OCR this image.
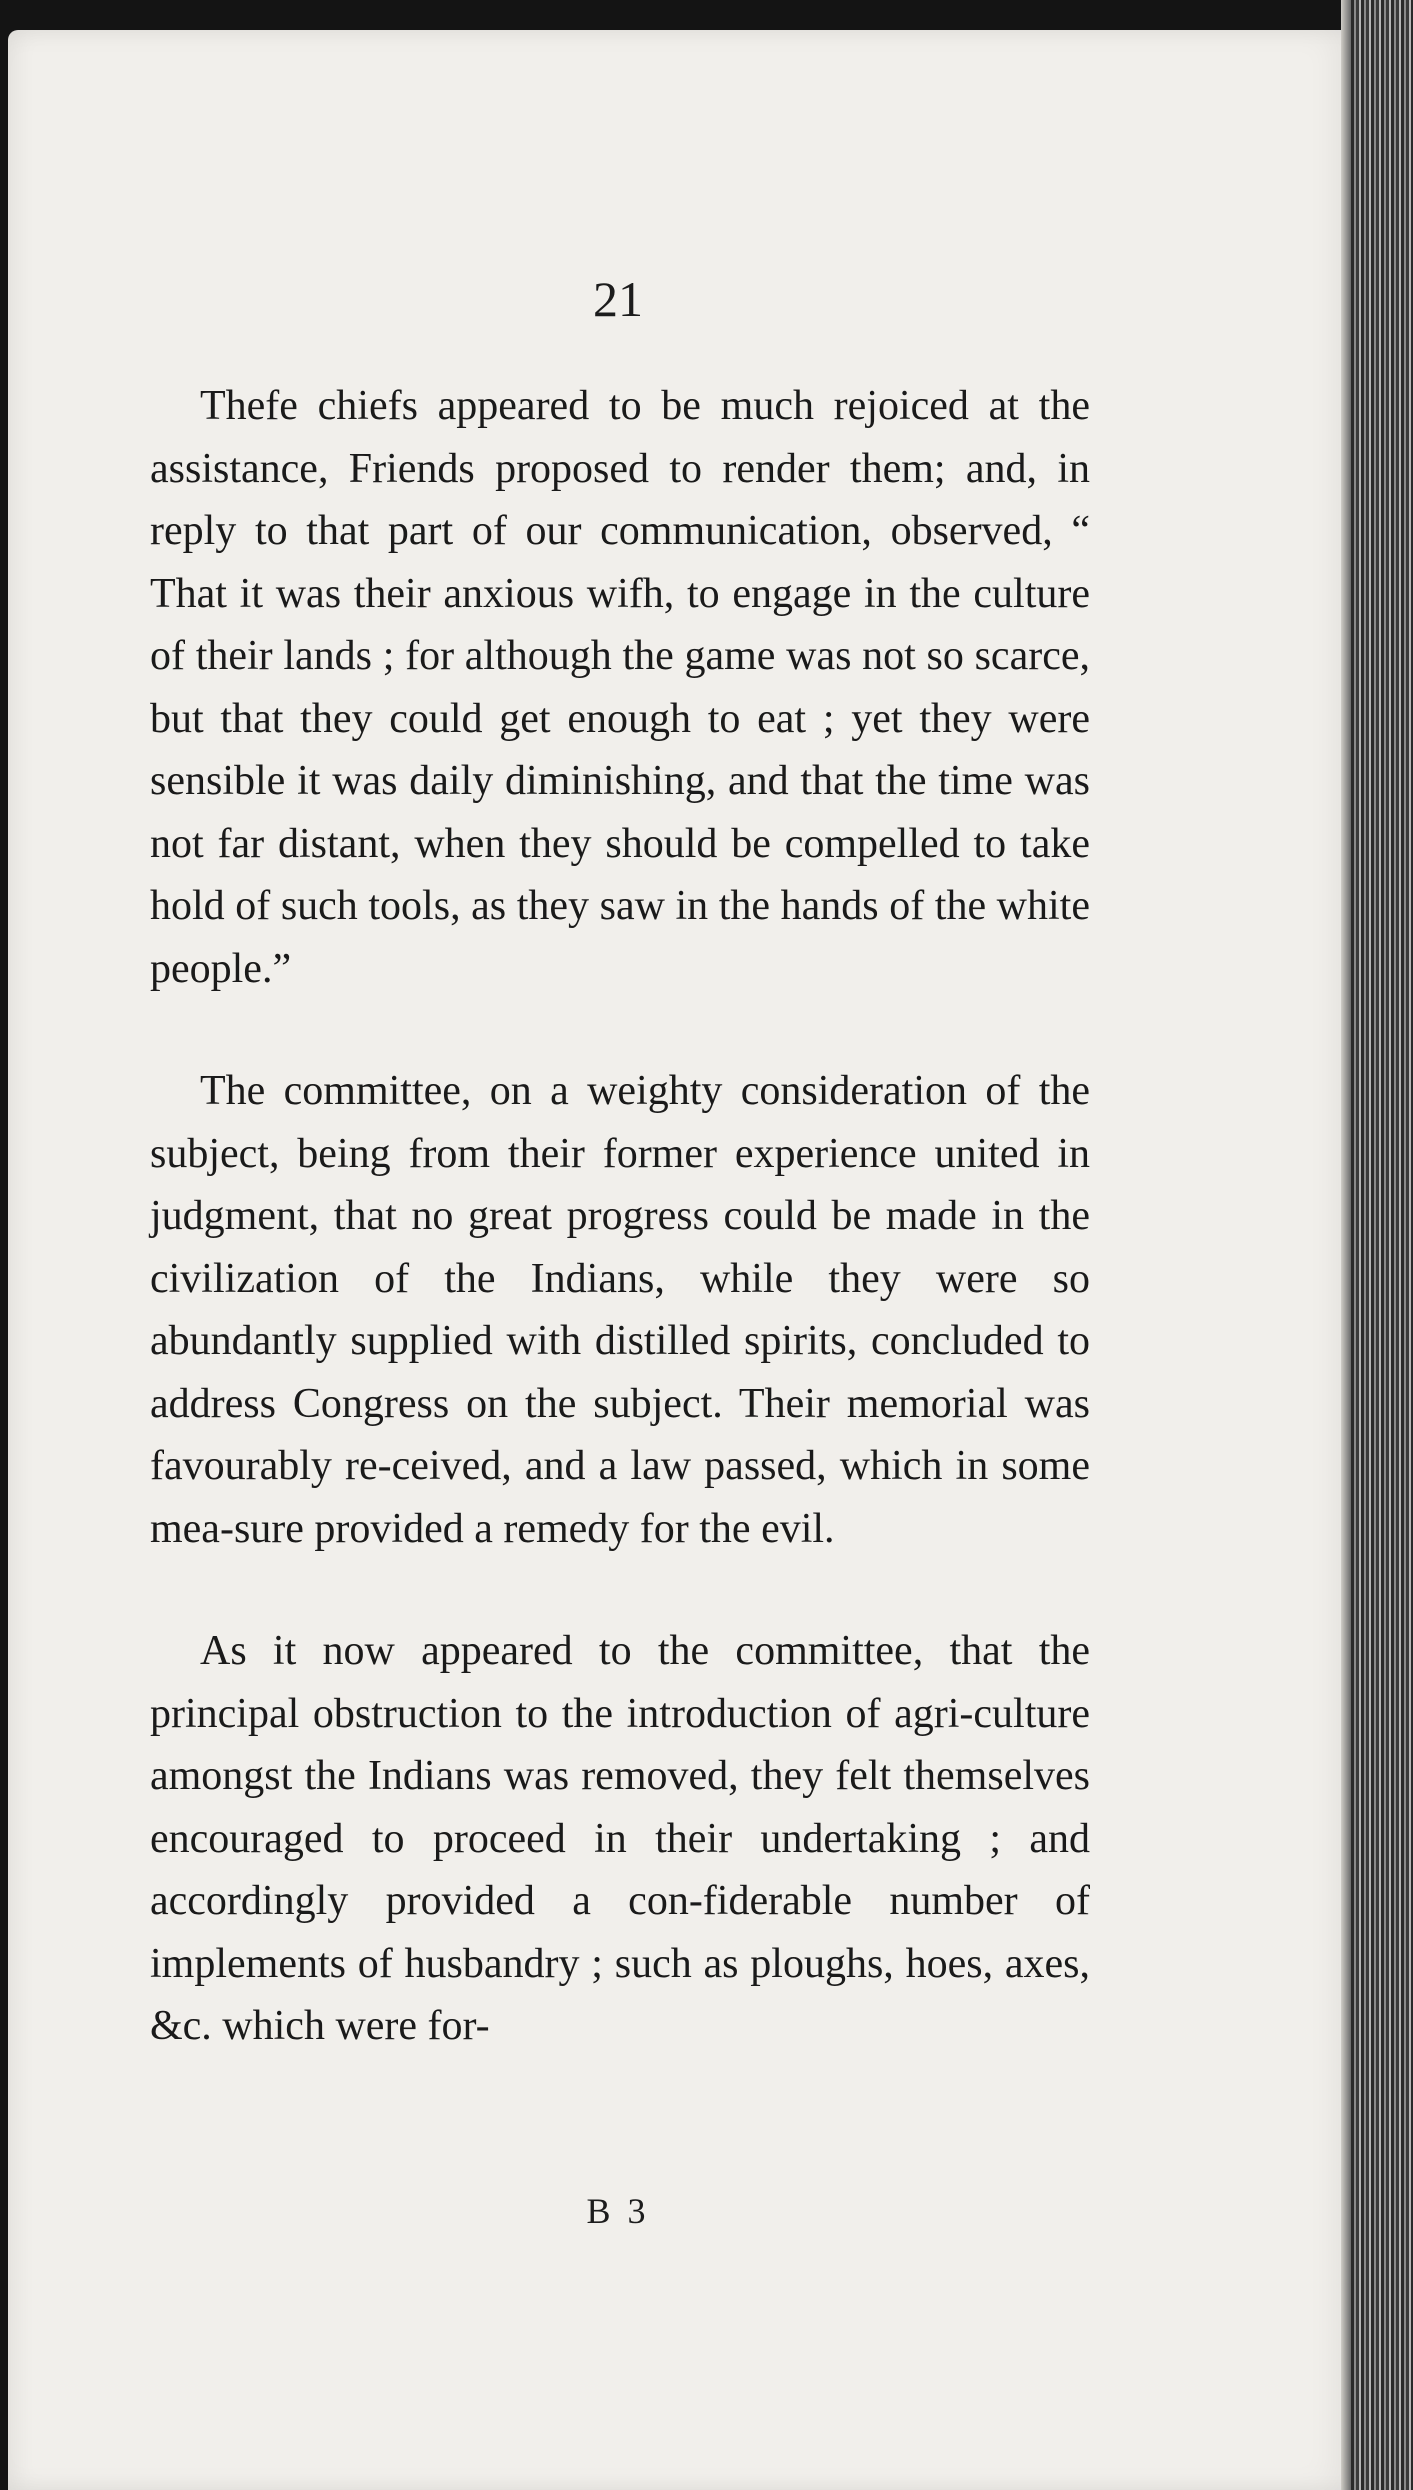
21

Thefe chiefs appeared to be much rejoiced at the assistance, Friends proposed to render them; and, in reply to that part of our communication, observed, “ That it was their anxious wifh, to engage in the culture of their lands ; for although the game was not so scarce, but that they could get enough to eat ; yet they were sensible it was daily diminishing, and that the time was not far distant, when they should be compelled to take hold of such tools, as they saw in the hands of the white people.”

The committee, on a weighty consideration of the subject, being from their former experience united in judgment, that no great progress could be made in the civilization of the Indians, while they were so abundantly supplied with distilled spirits, concluded to address Congress on the subject. Their memorial was favourably re-ceived, and a law passed, which in some mea-sure provided a remedy for the evil.

As it now appeared to the committee, that the principal obstruction to the introduction of agri-culture amongst the Indians was removed, they felt themselves encouraged to proceed in their undertaking ; and accordingly provided a con-fiderable number of implements of husbandry ; such as ploughs, hoes, axes, &c. which were for-

B 3
